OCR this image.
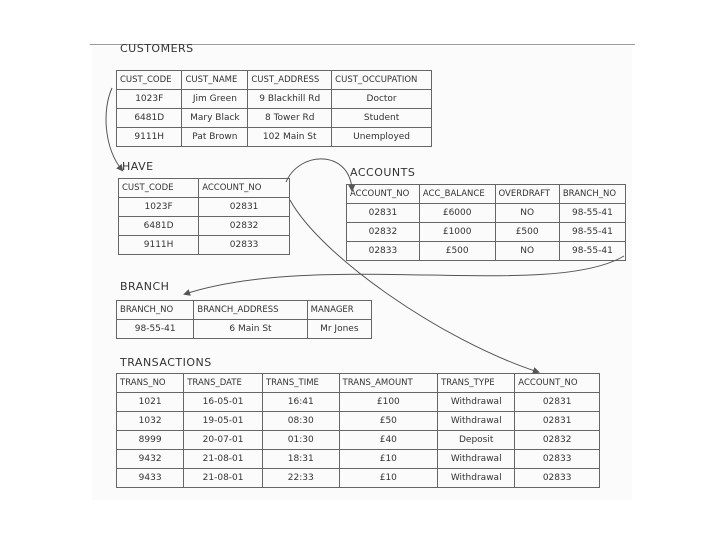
CUSTOMERS
CUST_CODE	CUST_NAME	CUST_ADDRESS	CUST_OCCUPATION
1023F	Jim Green	9 Blackhill Rd	Doctor
6481D	Mary Black	8 Tower Rd	Student
9111H	Pat Brown	102 Main St	Unemployed
HAVE
CUST_CODE	ACCOUNT_NO
1023F	02831
6481D	02832
9111H	02833
ACCOUNTS
ACCOUNT_NO	ACC_BALANCE	OVERDRAFT	BRANCH_NO
02831	£6000	NO	98-55-41
02832	£1000	£500	98-55-41
02833	£500	NO	98-55-41
BRANCH
BRANCH_NO	BRANCH_ADDRESS	MANAGER
98-55-41	6 Main St	Mr Jones
TRANSACTIONS
TRANS_NO	TRANS_DATE	TRANS_TIME	TRANS_AMOUNT	TRANS_TYPE	ACCOUNT_NO
1021	16-05-01	16:41	£100	Withdrawal	02831
1032	19-05-01	08:30	£50	Withdrawal	02831
8999	20-07-01	01:30	£40	Deposit	02832
9432	21-08-01	18:31	£10	Withdrawal	02833
9433	21-08-01	22:33	£10	Withdrawal	02833
